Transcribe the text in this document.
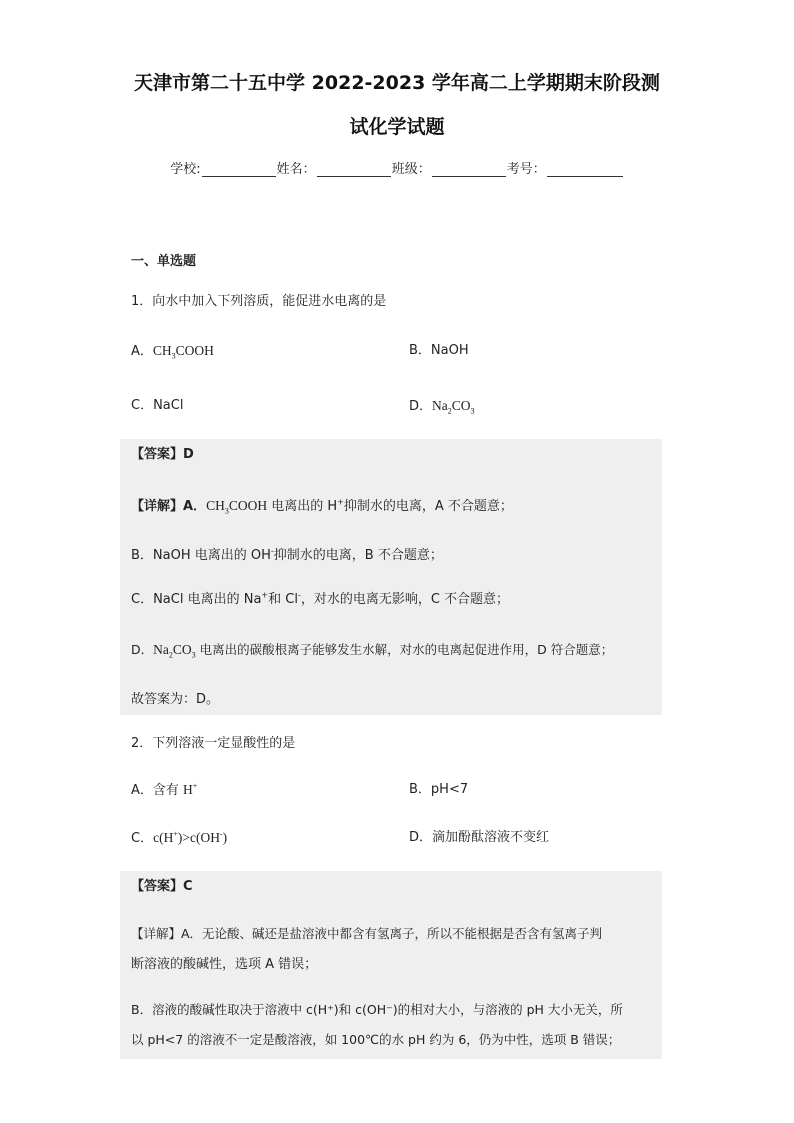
天津市第二十五中学 2022-2023 学年高二上学期期末阶段测
试化学试题
学校:	姓名：	班级：	考号：
一、单选题
1．向水中加入下列溶质，能促进水电离的是
A．$CH_3COOH$	B．NaOH
C．NaCl	D．$Na_2CO_3$
【答案】D
【详解】A．$CH_3COOH$ 电离出的 H+抑制水的电离，A 不合题意；
B．NaOH 电离出的 OH-抑制水的电离，B 不合题意；
C．NaCl 电离出的 Na+和 Cl-，对水的电离无影响，C 不合题意；
D．$Na_2CO_3$ 电离出的碳酸根离子能够发生水解，对水的电离起促进作用，D 符合题意；
故答案为：D。
2．下列溶液一定显酸性的是
A．含有 H+	B．pH<7
C．c(H+)>c(OH-)	D．滴加酚酞溶液不变红
【答案】C
【详解】A．无论酸、碱还是盐溶液中都含有氢离子，所以不能根据是否含有氢离子判
断溶液的酸碱性，选项 A 错误；
B．溶液的酸碱性取决于溶液中 c(H⁺)和 c(OH⁻)的相对大小，与溶液的 pH 大小无关，所
以 pH<7 的溶液不一定是酸溶液，如 100℃的水 pH 约为 6，仍为中性，选项 B 错误；
